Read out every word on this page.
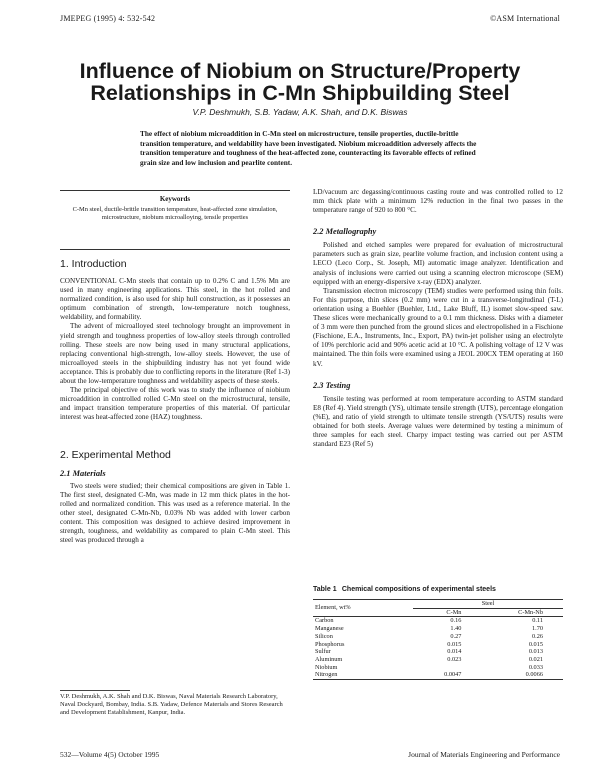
JMEPEG (1995) 4: 532-542	©ASM International
Influence of Niobium on Structure/Property Relationships in C-Mn Shipbuilding Steel
V.P. Deshmukh, S.B. Yadaw, A.K. Shah, and D.K. Biswas

The effect of niobium microaddition in C-Mn steel on microstructure, tensile properties, ductile-brittle transition temperature, and weldability have been investigated. Niobium microaddition adversely affects the transition temperature and toughness of the heat-affected zone, counteracting its favorable effects of refined grain size and low inclusion and pearlite content.

Keywords
C-Mn steel, ductile-brittle transition temperature, heat-affected zone simulation, microstructure, niobium microalloying, tensile properties
1. Introduction

CONVENTIONAL C-Mn steels that contain up to 0.2% C and 1.5% Mn are used in many engineering applications. This steel, in the hot rolled and normalized condition, is also used for ship hull construction, as it possesses an optimum combination of strength, low-temperature notch toughness, weldability, and formability.

The advent of microalloyed steel technology brought an improvement in yield strength and toughness properties of low-alloy steels through controlled rolling. These steels are now being used in many structural applications, replacing conventional high-strength, low-alloy steels. However, the use of microalloyed steels in the shipbuilding industry has not yet found wide acceptance. This is probably due to conflicting reports in the literature (Ref 1-3) about the low-temperature toughness and weldability aspects of these steels.

The principal objective of this work was to study the influence of niobium microaddition in controlled rolled C-Mn steel on the microstructural, tensile, and impact transition temperature properties of this material. Of particular interest was heat-affected zone (HAZ) toughness.

2. Experimental Method
2.1 Materials

Two steels were studied; their chemical compositions are given in Table 1. The first steel, designated C-Mn, was made in 12 mm thick plates in the hot-rolled and normalized condition. This was used as a reference material. In the other steel, designated C-Mn-Nb, 0.03% Nb was added with lower carbon content. This composition was designed to achieve desired improvement in strength, toughness, and weldability as compared to plain C-Mn steel. This steel was produced through a

V.P. Deshmukh, A.K. Shah and D.K. Biswas, Naval Materials Research Laboratory, Naval Dockyard, Bombay, India. S.B. Yadaw, Defence Materials and Stores Research and Development Establishment, Kanpur, India.

LD/vacuum arc degassing/continuous casting route and was controlled rolled to 12 mm thick plate with a minimum 12% reduction in the final two passes in the temperature range of 920 to 800 °C.

2.2 Metallography

Polished and etched samples were prepared for evaluation of microstructural parameters such as grain size, pearlite volume fraction, and inclusion content using a LECO (Leco Corp., St. Joseph, MI) automatic image analyzer. Identification and analysis of inclusions were carried out using a scanning electron microscope (SEM) equipped with an energy-dispersive x-ray (EDX) analyzer.

Transmission electron microscopy (TEM) studies were performed using thin foils. For this purpose, thin slices (0.2 mm) were cut in a transverse-longitudinal (T-L) orientation using a Buehler (Buehler, Ltd., Lake Bluff, IL) isomet slow-speed saw. These slices were mechanically ground to a 0.1 mm thickness. Disks with a diameter of 3 mm were then punched from the ground slices and electropolished in a Fischione (Fischione, E.A., Instruments, Inc., Export, PA) twin-jet polisher using an electrolyte of 10% perchloric acid and 90% acetic acid at 10 °C. A polishing voltage of 12 V was maintained. The thin foils were examined using a JEOL 200CX TEM operating at 160 kV.

2.3 Testing

Tensile testing was performed at room temperature according to ASTM standard E8 (Ref 4). Yield strength (YS), ultimate tensile strength (UTS), percentage elongation (%E), and ratio of yield strength to ultimate tensile strength (YS/UTS) results were obtained for both steels. Average values were determined by testing a minimum of three samples for each steel. Charpy impact testing was carried out per ASTM standard E23 (Ref 5)

Table 1 Chemical compositions of experimental steels

Element, wt%	Steel	
	C-Mn	C-Mn-Nb
Carbon	0.16	0.11
Manganese	1.40	1.70
Silicon	0.27	0.26
Phosphorus	0.015	0.015
Sulfur	0.014	0.013
Aluminum	0.023	0.021
Niobium		0.033
Nitrogen	0.0047	0.0066
532—Volume 4(5) October 1995	Journal of Materials Engineering and Performance
